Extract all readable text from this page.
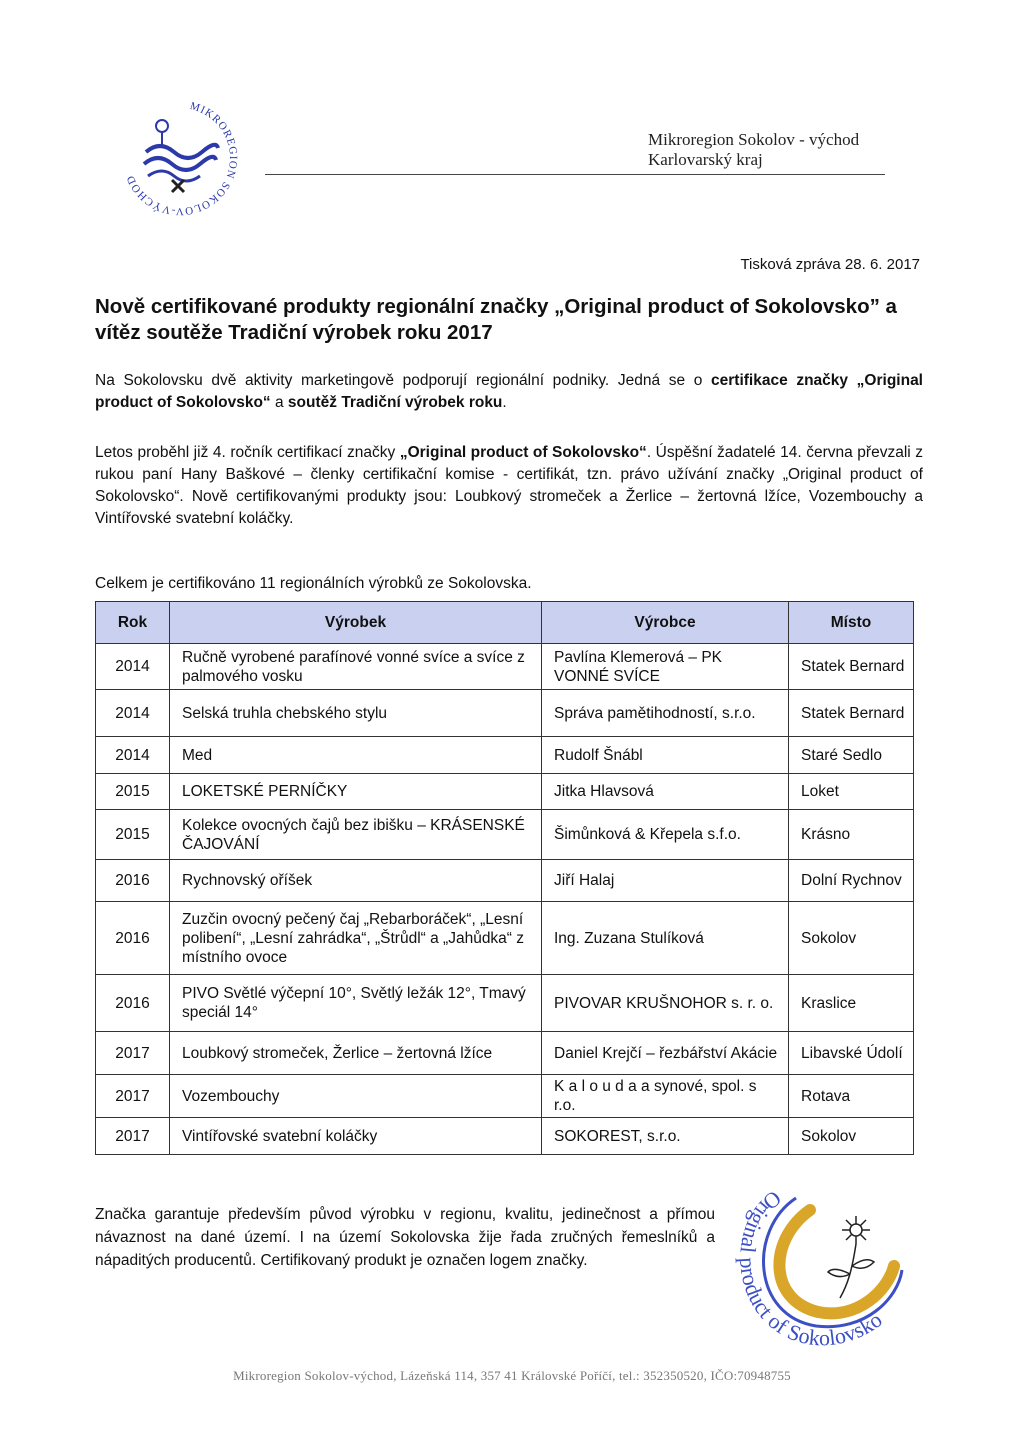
MIKROREGION SOKOLOV-VÝCHOD
Mikroregion Sokolov - východ
Karlovarský kraj
Tisková zpráva 28. 6. 2017
Nově certifikované produkty regionální značky „Original product of Sokolovsko” a vítěz soutěže Tradiční výrobek roku 2017
Na Sokolovsku dvě aktivity marketingově podporují regionální podniky. Jedná se o certifikace značky „Original product of Sokolovsko“ a soutěž Tradiční výrobek roku.
Letos proběhl již 4. ročník certifikací značky „Original product of Sokolovsko“. Úspěšní žadatelé 14. června převzali z rukou paní Hany Baškové – členky certifikační komise - certifikát, tzn. právo užívání značky „Original product of Sokolovsko“. Nově certifikovanými produkty jsou: Loubkový stromeček a Žerlice – žertovná lžíce, Vozembouchy a Vintířovské svatební koláčky.
Celkem je certifikováno 11 regionálních výrobků ze Sokolovska.
Rok	Výrobek	Výrobce	Místo
2014	Ručně vyrobené parafínové vonné svíce a svíce z palmového vosku	Pavlína Klemerová – PK VONNÉ SVÍCE	Statek Bernard
2014	Selská truhla chebského stylu	Správa pamětihodností, s.r.o.	Statek Bernard
2014	Med	Rudolf Šnábl	Staré Sedlo
2015	LOKETSKÉ PERNÍČKY	Jitka Hlavsová	Loket
2015	Kolekce ovocných čajů bez ibišku – KRÁSENSKÉ ČAJOVÁNÍ	Šimůnková & Křepela s.f.o.	Krásno
2016	Rychnovský oříšek	Jiří Halaj	Dolní Rychnov
2016	Zuzčin ovocný pečený čaj „Rebarboráček“, „Lesní polibení“, „Lesní zahrádka“, „Štrůdl“ a „Jahůdka“ z místního ovoce	Ing. Zuzana Stulíková	Sokolov
2016	PIVO Světlé výčepní 10°, Světlý ležák 12°, Tmavý speciál 14°	PIVOVAR KRUŠNOHOR s. r. o.	Kraslice
2017	Loubkový stromeček, Žerlice – žertovná lžíce	Daniel Krejčí – řezbářství Akácie	Libavské Údolí
2017	Vozembouchy	K a l o u d a a synové, spol. s r.o.	Rotava
2017	Vintířovské svatební koláčky	SOKOREST, s.r.o.	Sokolov
Značka garantuje především původ výrobku v regionu, kvalitu, jedinečnost a přímou návaznost na dané území. I na území Sokolovska žije řada zručných řemeslníků a nápaditých producentů. Certifikovaný produkt je označen logem značky.
Original product of Sokolovsko
Mikroregion Sokolov-východ, Lázeňská 114, 357 41 Královské Poříčí, tel.: 352350520, IČO:70948755
